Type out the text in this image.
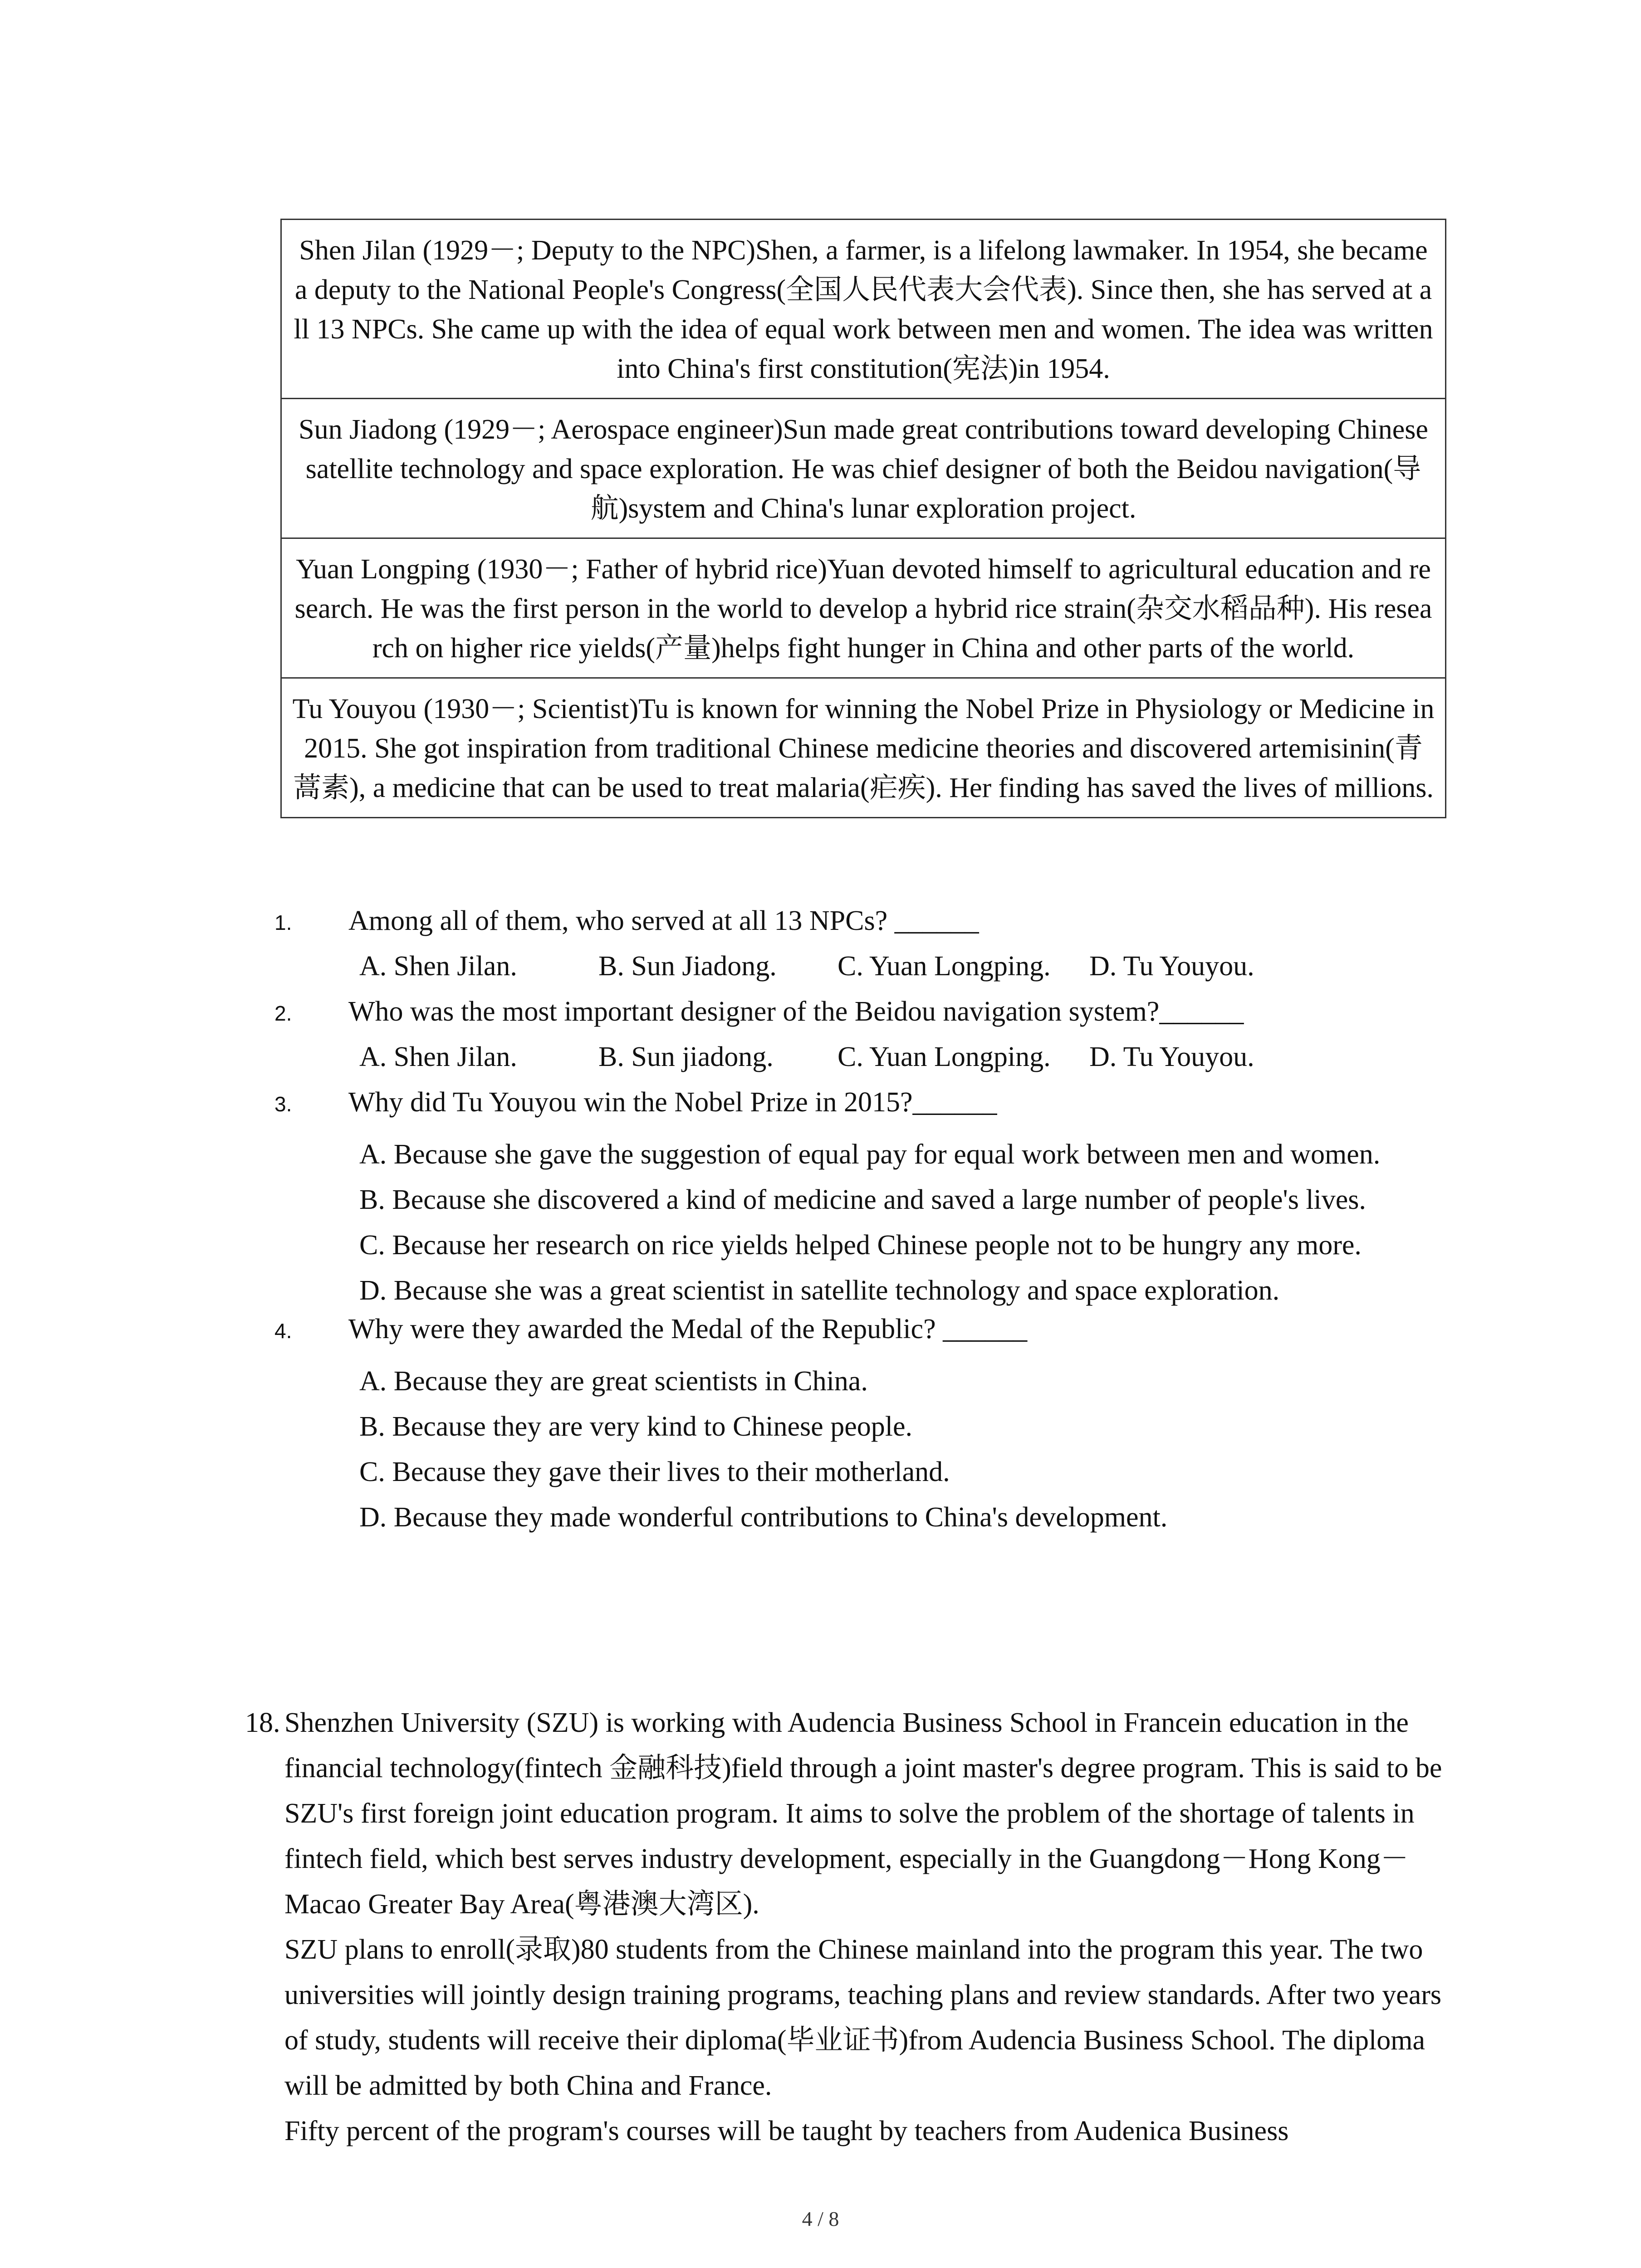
Shen Jilan (1929－; Deputy to the NPC)Shen, a farmer, is a lifelong lawmaker. In 1954, she became a deputy to the National People's Congress(全国人民代表大会代表). Since then, she has served at all 13 NPCs. She came up with the idea of equal work between men and women. The idea was written into China's first constitution(宪法)in 1954.
Sun Jiadong (1929－; Aerospace engineer)Sun made great contributions toward developing Chinese satellite technology and space exploration. He was chief designer of both the Beidou navigation(导航)system and China's lunar exploration project.
Yuan Longping (1930－; Father of hybrid rice)Yuan devoted himself to agricultural education and research. He was the first person in the world to develop a hybrid rice strain(杂交水稻品种). His research on higher rice yields(产量)helps fight hunger in China and other parts of the world.
Tu Youyou (1930－; Scientist)Tu is known for winning the Nobel Prize in Physiology or Medicine in 2015. She got inspiration from traditional Chinese medicine theories and discovered artemisinin(青蒿素), a medicine that can be used to treat malaria(疟疾). Her finding has saved the lives of millions.
1.	Among all of them, who served at all 13 NPCs? ______
A. Shen Jilan.	B. Sun Jiadong.	C. Yuan Longping.	D. Tu Youyou.
2.	Who was the most important designer of the Beidou navigation system?______
A. Shen Jilan.	B. Sun jiadong.	C. Yuan Longping.	D. Tu Youyou.
3.	Why did Tu Youyou win the Nobel Prize in 2015?______
A. Because she gave the suggestion of equal pay for equal work between men and women.
B. Because she discovered a kind of medicine and saved a large number of people's lives.
C. Because her research on rice yields helped Chinese people not to be hungry any more.
D. Because she was a great scientist in satellite technology and space exploration.
4.	Why were they awarded the Medal of the Republic? ______
A. Because they are great scientists in China.
B. Because they are very kind to Chinese people.
C. Because they gave their lives to their motherland.
D. Because they made wonderful contributions to China's development.
18. Shenzhen University (SZU) is working with Audencia Business School in Francein education in the financial technology(fintech 金融科技)field through a joint master's degree program. This is said to be SZU's first foreign joint education program. It aims to solve the problem of the shortage of talents in fintech field, which best serves industry development, especially in the Guangdong－Hong Kong－Macao Greater Bay Area(粤港澳大湾区).
SZU plans to enroll(录取)80 students from the Chinese mainland into the program this year. The two universities will jointly design training programs, teaching plans and review standards. After two years of study, students will receive their diploma(毕业证书)from Audencia Business School. The diploma will be admitted by both China and France.
Fifty percent of the program's courses will be taught by teachers from Audenica Business
4 / 8
